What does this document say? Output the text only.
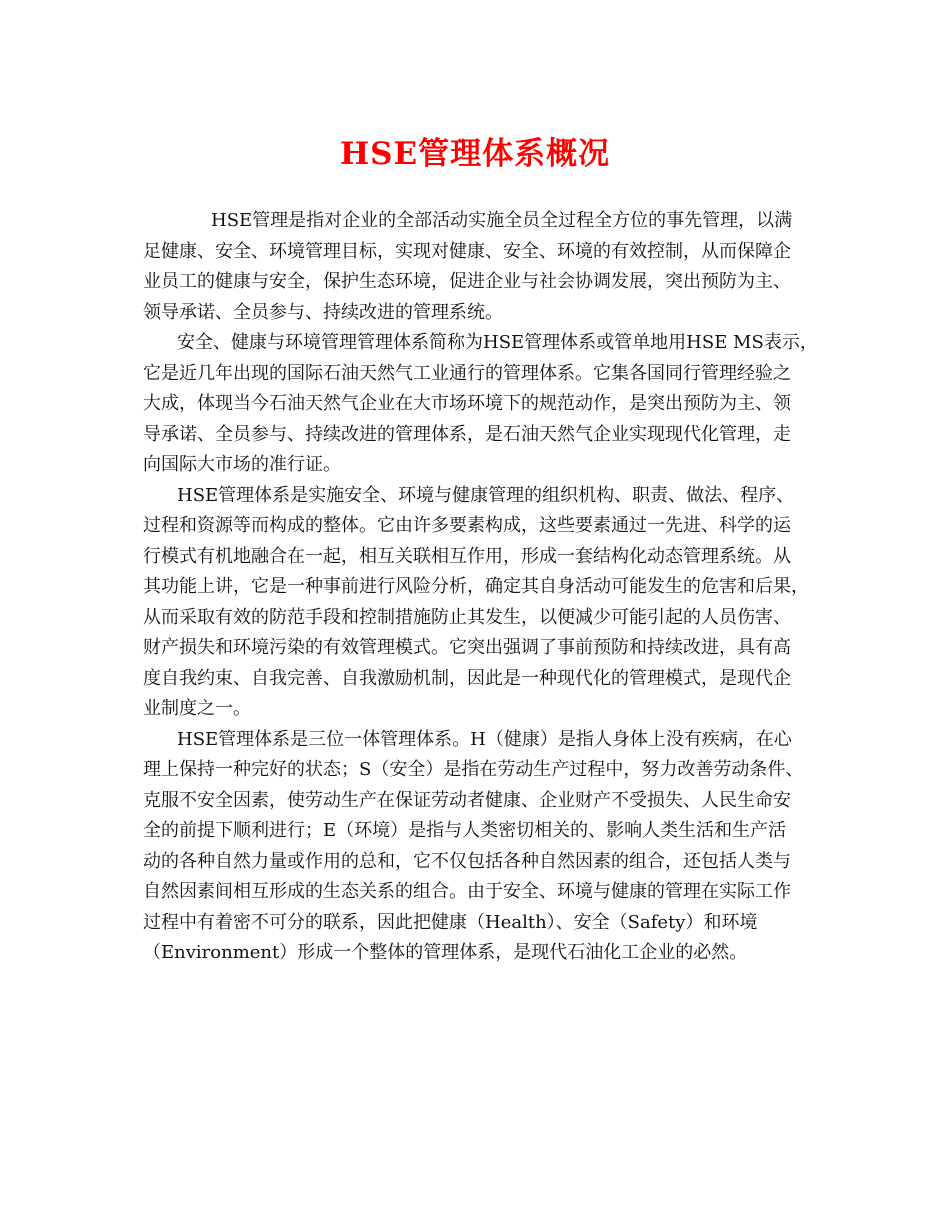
HSE管理体系概况

HSE管理是指对企业的全部活动实施全员全过程全方位的事先管理，以满
足健康、安全、环境管理目标，实现对健康、安全、环境的有效控制，从而保障企
业员工的健康与安全，保护生态环境，促进企业与社会协调发展，突出预防为主、
领导承诺、全员参与、持续改进的管理系统。

安全、健康与环境管理管理体系简称为HSE管理体系或管单地用HSE MS表示，
它是近几年出现的国际石油天然气工业通行的管理体系。它集各国同行管理经验之
大成，体现当今石油天然气企业在大市场环境下的规范动作，是突出预防为主、领
导承诺、全员参与、持续改进的管理体系，是石油天然气企业实现现代化管理，走
向国际大市场的准行证。

HSE管理体系是实施安全、环境与健康管理的组织机构、职责、做法、程序、
过程和资源等而构成的整体。它由许多要素构成，这些要素通过一先进、科学的运
行模式有机地融合在一起，相互关联相互作用，形成一套结构化动态管理系统。从
其功能上讲，它是一种事前进行风险分析，确定其自身活动可能发生的危害和后果，
从而采取有效的防范手段和控制措施防止其发生，以便减少可能引起的人员伤害、
财产损失和环境污染的有效管理模式。它突出强调了事前预防和持续改进，具有高
度自我约束、自我完善、自我激励机制，因此是一种现代化的管理模式，是现代企
业制度之一。

HSE管理体系是三位一体管理体系。H（健康）是指人身体上没有疾病，在心
理上保持一种完好的状态；S（安全）是指在劳动生产过程中，努力改善劳动条件、
克服不安全因素，使劳动生产在保证劳动者健康、企业财产不受损失、人民生命安
全的前提下顺利进行；E（环境）是指与人类密切相关的、影响人类生活和生产活
动的各种自然力量或作用的总和，它不仅包括各种自然因素的组合，还包括人类与
自然因素间相互形成的生态关系的组合。由于安全、环境与健康的管理在实际工作
过程中有着密不可分的联系，因此把健康（Health）、安全（Safety）和环境
（Environment）形成一个整体的管理体系，是现代石油化工企业的必然。
